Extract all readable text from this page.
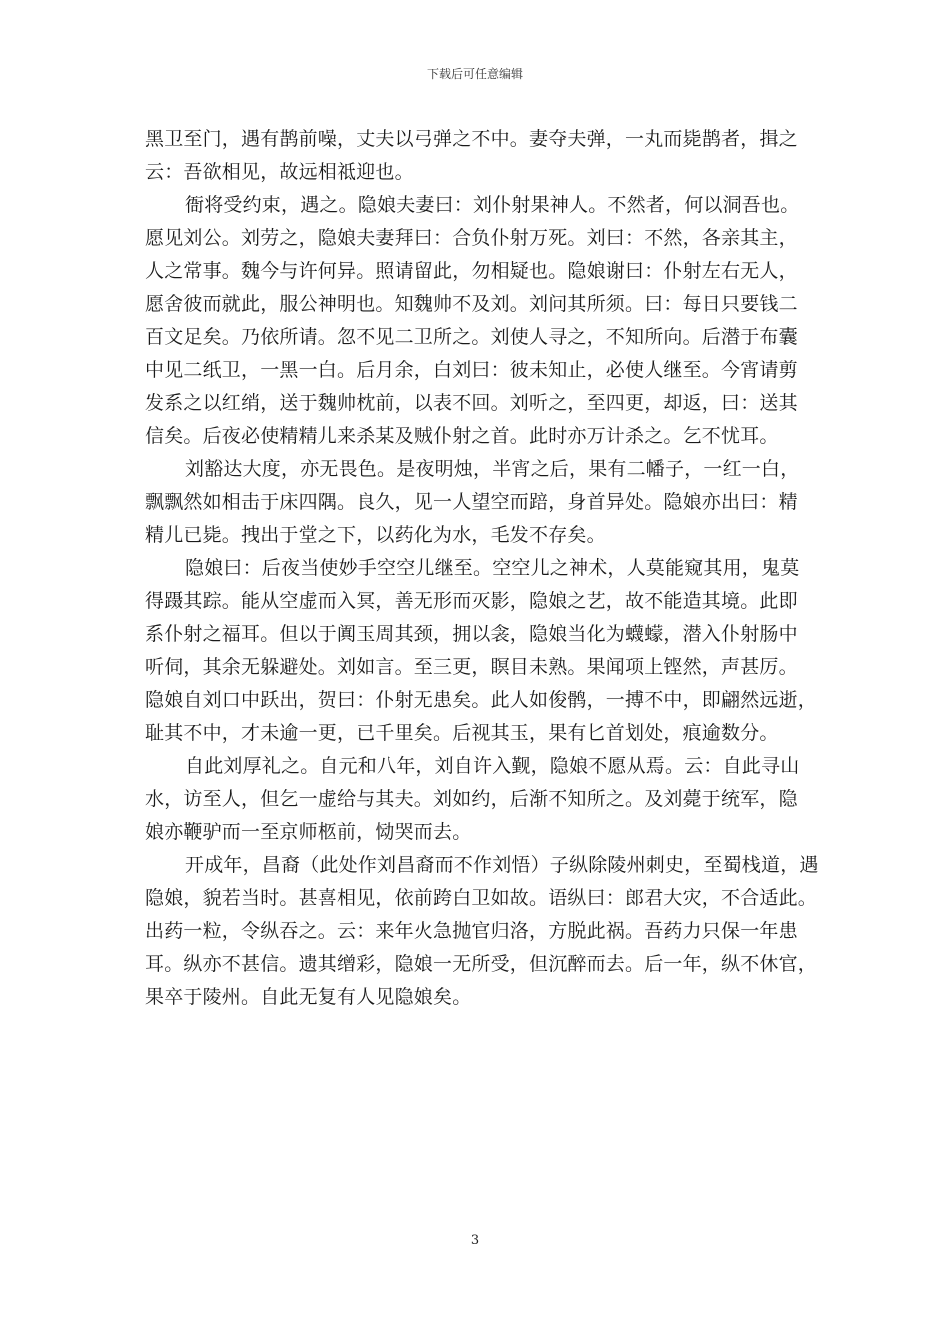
下载后可任意编辑
黑卫至门，遇有鹊前噪，丈夫以弓弹之不中。妻夺夫弹，一丸而毙鹊者，揖之
云：吾欲相见，故远相祗迎也。
衙将受约束，遇之。隐娘夫妻曰：刘仆射果神人。不然者，何以洞吾也。
愿见刘公。刘劳之，隐娘夫妻拜曰：合负仆射万死。刘曰：不然，各亲其主，
人之常事。魏今与许何异。照请留此，勿相疑也。隐娘谢曰：仆射左右无人，
愿舍彼而就此，服公神明也。知魏帅不及刘。刘问其所须。曰：每日只要钱二
百文足矣。乃依所请。忽不见二卫所之。刘使人寻之，不知所向。后潜于布囊
中见二纸卫，一黑一白。后月余，白刘曰：彼未知止，必使人继至。今宵请剪
发系之以红绡，送于魏帅枕前，以表不回。刘听之，至四更，却返，曰：送其
信矣。后夜必使精精儿来杀某及贼仆射之首。此时亦万计杀之。乞不忧耳。
刘豁达大度，亦无畏色。是夜明烛，半宵之后，果有二幡子，一红一白，
飘飘然如相击于床四隅。良久，见一人望空而踣，身首异处。隐娘亦出曰：精
精儿已毙。拽出于堂之下，以药化为水，毛发不存矣。
隐娘曰：后夜当使妙手空空儿继至。空空儿之神术，人莫能窥其用，鬼莫
得蹑其踪。能从空虚而入冥，善无形而灭影，隐娘之艺，故不能造其境。此即
系仆射之福耳。但以于阗玉周其颈，拥以衾，隐娘当化为蠛蠓，潜入仆射肠中
听伺，其余无躲避处。刘如言。至三更，瞑目未熟。果闻项上铿然，声甚厉。
隐娘自刘口中跃出，贺曰：仆射无患矣。此人如俊鹘，一搏不中，即翩然远逝，
耻其不中，才未逾一更，已千里矣。后视其玉，果有匕首划处，痕逾数分。
自此刘厚礼之。自元和八年，刘自许入觐，隐娘不愿从焉。云：自此寻山
水，访至人，但乞一虚给与其夫。刘如约，后渐不知所之。及刘薨于统军，隐
娘亦鞭驴而一至京师柩前，恸哭而去。
开成年，昌裔（此处作刘昌裔而不作刘悟）子纵除陵州刺史，至蜀栈道，遇
隐娘，貌若当时。甚喜相见，依前跨白卫如故。语纵曰：郎君大灾，不合适此。
出药一粒，令纵吞之。云：来年火急抛官归洛，方脱此祸。吾药力只保一年患
耳。纵亦不甚信。遗其缯彩，隐娘一无所受，但沉醉而去。后一年，纵不休官，
果卒于陵州。自此无复有人见隐娘矣。
3
